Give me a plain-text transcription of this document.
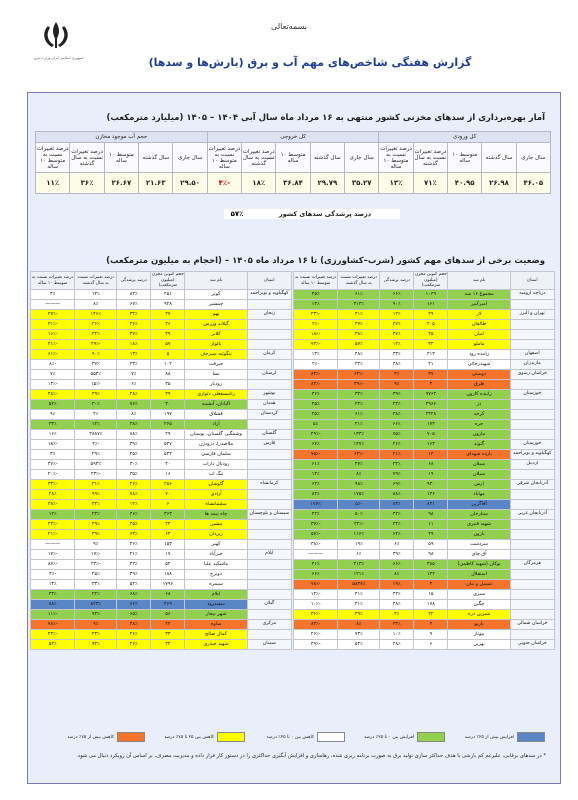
بسمه‌تعالی
جمهوری اسلامی ایران وزارت نیرو	گزارش هفتگی شاخص‌های مهم آب و برق (بارش‌ها و سدها)
آمار بهره‌برداری از سدهای مخزنی کشور منتهی به ۱۶ مرداد ماه سال آبی ۱۴۰۴ – ۱۴۰۵ (میلیارد مترمکعب)
کل ورودی					کل خروجی					حجم آب موجود مخازن				
سال جاری	سال گذشته	متوسط ۱۰ ساله	درصد تغییرات نسبت به سال گذشته	درصد تغییرات نسبت به متوسط ۱۰ ساله	سال جاری	سال گذشته	متوسط ۱۰ ساله	درصد تغییرات نسبت به سال گذشته	درصد تغییرات نسبت به متوسط ۱۰ ساله	سال جاری	سال گذشته	متوسط ۱۰ ساله	درصد تغییرات نسبت به سال گذشته	درصد تغییرات نسبت به متوسط ۱۰ ساله
۴۶.۰۵	۲۶.۹۸	۴۰.۹۵	۷۱٪	۱۳٪	۳۵.۲۷	۲۹.۷۹	۳۶.۸۴	۱۸٪	-۴٪	۲۹.۵۰	۲۱.۶۳	۲۶.۶۷	۳۶٪	۱۱٪
درصد پرشدگی سدهای کشور
۵۷٪
وضعیت برخی از سدهای مهم کشور (شرب–کشاورزی) تا ۱۶ مرداد ماه ۱۴۰۵ – (احجام به میلیون مترمکعب)
استان	نام سد	حجم کنونی مخزن (میلیون مترمکعب)	درصد پرشدگی	درصد تغییرات نسبت به سال گذشته	درصد تغییرات نسبت به متوسط ۱۰ ساله
دریاچه ارومیه	مجموع ۱۶ سد	۱۰۴۹	۶۶٪	۶۱٪	۴۵٪
	امیرکبیر	۱۶۱	۹۰٪	۳۱۳٪	۱۳٪
تهران و البرز	لار	۲۹	۱۲٪	۴۱٪	-۲۳٪
	طالقان	۲۰۵	۴۷٪	۳۷٪	-۲٪
	لتیان	۴۵	۴۷٪	۳۸٪	-۱۸٪
	ماملو	۳۴	۱۴٪	۵۷٪	-۷۳٪
اصفهان	زاینده رود	۴۱۳	۳۳٪	۴۸٪	۱۳٪
مازندران	شهیدرجائی	۴۱	۳۸٪	۳۴٪	-۲٪
خراسان رضوی	دوستی	۴۷	۴٪	-۶۴٪	-۸۳٪
	طرق	۳	۹٪	-۴۹٪	-۸۴٪
خوزستان	زاینده کارون	۹۷۶۴	۳۹٪	۳۲٪	۳۶٪
	دز	۳۹۶۶	۲۳٪	۲۴٪	۴۵٪
	کرخه	۲۴۲۸	۳۸٪	۶۱٪	۲۵٪
	جره	۱۷۳	۶۶٪	۴۱٪	۵٪
	مارون	۷۰۵	۷۵٪	۱۳۳٪	-۲۹٪
خوزستان	گتوند	۱۶۳	۲۶٪	۱۴۷٪	۶۷٪
کهگیلویه و بویراحمد	یازده شهدای	۱۴	۴۱٪	-۶۳٪	-۷۵٪
اردبیل	سبلان	۶۸	۲۴٪	۴۷٪	۶۱٪
	سیلان	۱۹	۷۹٪	۸٪	۱۴٪
آذربایجان شرقی	ارس	۹۳۰	۶۹٪	۹۸٪	۶۴٪
	مهاباد	۱۳۶	۸۸٪	۱۷۵٪	۸۳٪
	آقاگزین	۸۳۱	۸۳٪	-۵٪	۱۷۷٪
آذربایجان غربی	ستارخان	۹۸	۴۲٪	۵۰٪	۲۲٪
	شهید قنبری	۱۱	۳۲٪	-۳۲٪	-۳۷٪
	بارون	۴۹	۶۴٪	۱۱۶٪	-۵۷٪
	سردشت	۵۹	۶٪	۱۹٪	-۳۸٪
	آق چای	۹۸	۳۹٪	۶٪	———
هرمزگان	بوکان (شهید کاظمی)	۴۸۵	۶۶٪	۳۱۳٪	۴۱٪
	استقلال	۱۴۴	۸٪	۱۲۱٪	۶۶٪
	شمیل و نیان	۳	۱۹٪	۵۸۳۷٪	-۷۸٪
	سبزی	۱۵	۴۴٪	۴۱٪	-۱۲٪
	جگین	۱۷۸	۴۸٪	۴۱٪	-۱۰٪
	شیرین دره	۲۲	۴٪	۳۹٪	-۳۶٪
خراسان شمالی	باریو	۳	۴۳٪	۸٪	-۸۳٪
	بیوتار	۹	۱۰٪	۷۳٪	-۲۶٪
خراسان جنوبی	نهرین	۶	۲۸٪	۵۲٪	-۴۹٪
استان	نام سد	حجم کنونی مخزن (میلیون مترمکعب)	درصد پرشدگی	درصد تغییرات نسبت به سال گذشته	درصد تغییرات نسبت به متوسط ۱۰ ساله
کهگیلویه و بویراحمد	کوثر	۴۵۱	۸۲٪	۱۳٪	۳٪
	چمشیر	۹۲۸	۶۷٪	۸٪	———
زنجان	تهم	۲۷	۳۲٪	۱۴۶٪	-۲۷٪
	گیلانه وزرس	۳۶	۳۶٪	۲۶٪	-۲۱٪
	کلابر	۳۹	۳۷٪	۲۲٪	-۱۶٪
	تالوار	۵۷	۱۸٪	-۲۹٪	-۴۱٪
کرمان	تنگوئیه سیرجان	۵	۱۳٪	۹۰٪	-۶۱٪
	جیرفت	۱۰۲	۲۳٪	۳۷٪	-۸٪
لرستان	نسا	۸۸	۷٪	۵۵۴٪	۷٪
	رودبار	۳۵	۶٪	-۱۵٪	-۱۲٪
بوشهر	راغیسفعلی دلواری	۳۹	۲۸٪	۴۹٪	-۴۸٪
همدان	اکباتان، آبشینه	۳۰	۷۶٪	۳۰٪	۵۴٪
کردستان	قشلاق	۱۹۷	۸٪	۴٪	۹٪
	آزاد	۲۶۵	۴۸٪	۱۲٪	۳۴٪
گلستان	وشمگیر، گلستان، بوستان	۲۹	۸۸٪	۳۸۸۷٪	۱۶٪
فارس	ملاصدرا، درودزن	۵۲۷	۳۹٪	-۴٪	-۱۸٪
	سلمان فارسی	۵۴۴	۲۵٪	۲۹٪	۳٪
	رودبال داراب	۴۰	۳۰٪	۵۹۳٪	-۳۶٪
	تنگ اب	۱۶	۳۵٪	-۲۳٪	-۲۰٪
کرمانشاه	گاوشان	۲۵۶	۴۶٪	۳۱٪	-۳۳٪
	آزادی	۷۰	۷۸٪	۹۹٪	۲۸٪
	سلیمانشاه	۶	۱۲٪	۴۳٪	-۳۸٪
سیستان و بلوچستان	چاه نیمه ها	۳۶۳	۴۶٪	۲۳٪	۱۲٪
	پیشین	۲۴	۴۵٪	۴۹٪	-۲۴٪
	زیردان	۶۴	۶۴٪	۳۹٪	-۲۱٪
	کهیر	۱۵۳	۳۶٪	۹٪	———
ایلام	خیرآباد	۱۷	۲۱٪	-۱۷٪	-۱۷٪
	ماشکید علیا	۵۴	۴۲٪	-۲۳٪	-۸۷٪
	دوبرج	۱۸۸	۳۹٪	۲۵٪	-۴٪
	سیمره	۱۷۹۶	۵۴٪	۳۳٪	۱۳٪
	ایلام	۶۸	۶۸٪	۲۲٪	۳۴٪
گیلان	سفیدرود	۴۶۹	۶۶٪	۸۲۴٪	۸۸٪
	شهر بیجار	۵۶	۶۵٪	۹۳٪	-۱۱٪
مرکزی	ساوه	۴۴	۴۸٪	۹٪	-۷۸٪
	کمال صالح	۳۳	۴۶٪	۲۳٪	-۲۴٪
سمنان	شهید حیدری	۳۲	۴۶٪	۹۳٪	۵۲٪
افزایش بیش از ۲۵٪ درصد
افزایش بین ۰ تا ۲۵٪ درصد
کاهش بین ۰ تا ۲۵٪ درصد
کاهش بین ۲۵ تا ۷۵٪ درصد
کاهش بیش از ۷۵٪ درصد
* در سدهای برقابی، علیرغم کم بارشی با هدف حداکثر سازی تولید برق به صورت برنامه ریزی شده، رهاسازی و افزایش آبگیری حداکثری را در دستور کار قرار داده و مدیریت مصرف، بر اساس آن رویکرد دنبال می شود.
